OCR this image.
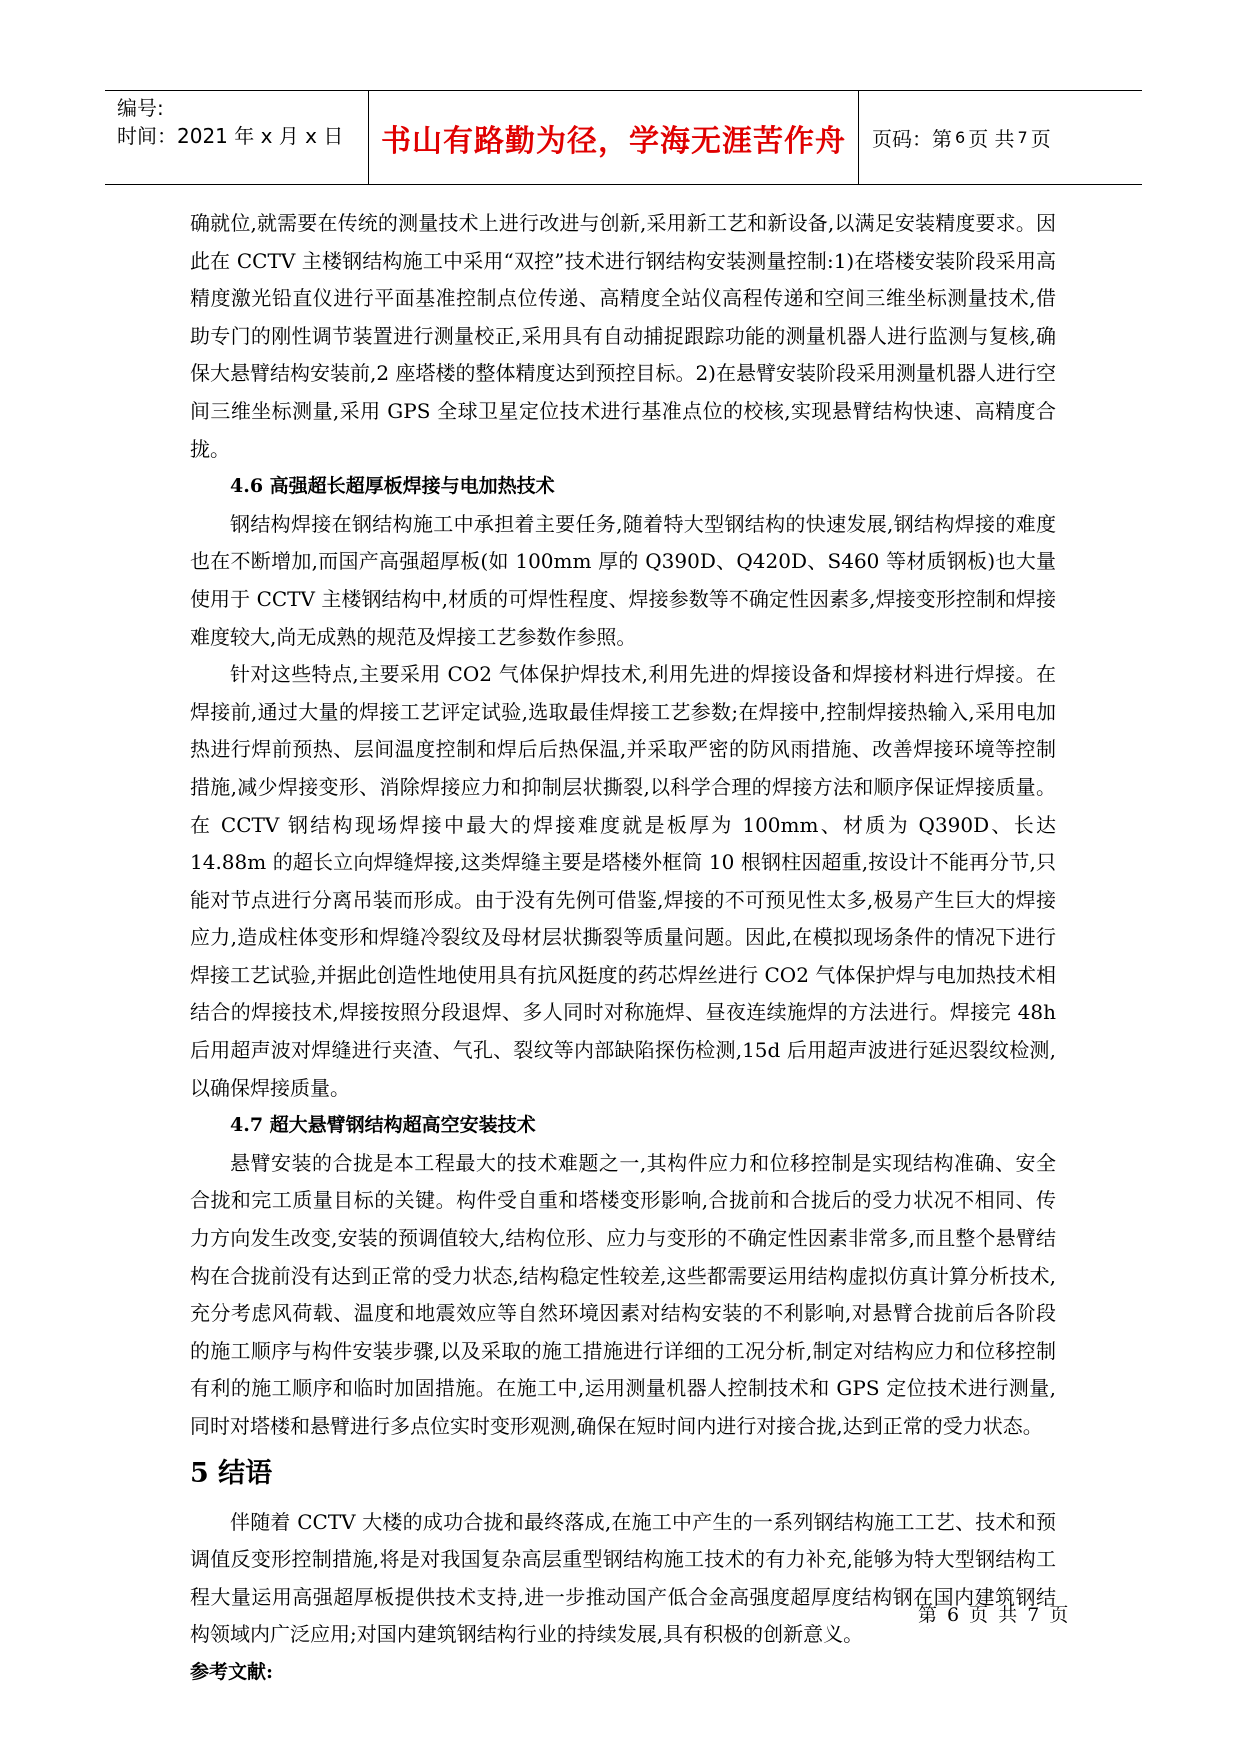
编号:
时间：2021 年 x 月 x 日	书山有路勤为径，学海无涯苦作舟	页码：第 6 页 共 7 页

确就位,就需要在传统的测量技术上进行改进与创新,采用新工艺和新设备,以满足安装精度要求。因此在 CCTV 主楼钢结构施工中采用“双控”技术进行钢结构安装测量控制:1)在塔楼安装阶段采用高精度激光铅直仪进行平面基准控制点位传递、高精度全站仪高程传递和空间三维坐标测量技术,借助专门的刚性调节装置进行测量校正,采用具有自动捕捉跟踪功能的测量机器人进行监测与复核,确保大悬臂结构安装前,2 座塔楼的整体精度达到预控目标。2)在悬臂安装阶段采用测量机器人进行空间三维坐标测量,采用 GPS 全球卫星定位技术进行基准点位的校核,实现悬臂结构快速、高精度合拢。

4.6 高强超长超厚板焊接与电加热技术

钢结构焊接在钢结构施工中承担着主要任务,随着特大型钢结构的快速发展,钢结构焊接的难度也在不断增加,而国产高强超厚板(如 100mm 厚的 Q390D、Q420D、S460 等材质钢板)也大量使用于 CCTV 主楼钢结构中,材质的可焊性程度、焊接参数等不确定性因素多,焊接变形控制和焊接难度较大,尚无成熟的规范及焊接工艺参数作参照。

针对这些特点,主要采用 CO2 气体保护焊技术,利用先进的焊接设备和焊接材料进行焊接。在焊接前,通过大量的焊接工艺评定试验,选取最佳焊接工艺参数;在焊接中,控制焊接热输入,采用电加热进行焊前预热、层间温度控制和焊后后热保温,并采取严密的防风雨措施、改善焊接环境等控制措施,减少焊接变形、消除焊接应力和抑制层状撕裂,以科学合理的焊接方法和顺序保证焊接质量。在 CCTV 钢结构现场焊接中最大的焊接难度就是板厚为 100mm、材质为 Q390D、长达 14.88m 的超长立向焊缝焊接,这类焊缝主要是塔楼外框筒 10 根钢柱因超重,按设计不能再分节,只能对节点进行分离吊装而形成。由于没有先例可借鉴,焊接的不可预见性太多,极易产生巨大的焊接应力,造成柱体变形和焊缝冷裂纹及母材层状撕裂等质量问题。因此,在模拟现场条件的情况下进行焊接工艺试验,并据此创造性地使用具有抗风挺度的药芯焊丝进行 CO2 气体保护焊与电加热技术相结合的焊接技术,焊接按照分段退焊、多人同时对称施焊、昼夜连续施焊的方法进行。焊接完 48h 后用超声波对焊缝进行夹渣、气孔、裂纹等内部缺陷探伤检测,15d 后用超声波进行延迟裂纹检测,以确保焊接质量。

4.7 超大悬臂钢结构超高空安装技术

悬臂安装的合拢是本工程最大的技术难题之一,其构件应力和位移控制是实现结构准确、安全合拢和完工质量目标的关键。构件受自重和塔楼变形影响,合拢前和合拢后的受力状况不相同、传力方向发生改变,安装的预调值较大,结构位形、应力与变形的不确定性因素非常多,而且整个悬臂结构在合拢前没有达到正常的受力状态,结构稳定性较差,这些都需要运用结构虚拟仿真计算分析技术,充分考虑风荷载、温度和地震效应等自然环境因素对结构安装的不利影响,对悬臂合拢前后各阶段的施工顺序与构件安装步骤,以及采取的施工措施进行详细的工况分析,制定对结构应力和位移控制有利的施工顺序和临时加固措施。在施工中,运用测量机器人控制技术和 GPS 定位技术进行测量,同时对塔楼和悬臂进行多点位实时变形观测,确保在短时间内进行对接合拢,达到正常的受力状态。

5 结语

伴随着 CCTV 大楼的成功合拢和最终落成,在施工中产生的一系列钢结构施工工艺、技术和预调值反变形控制措施,将是对我国复杂高层重型钢结构施工技术的有力补充,能够为特大型钢结构工程大量运用高强超厚板提供技术支持,进一步推动国产低合金高强度超厚度结构钢在国内建筑钢结构领域内广泛应用;对国内建筑钢结构行业的持续发展,具有积极的创新意义。

参考文献:

第 6 页 共 7 页
